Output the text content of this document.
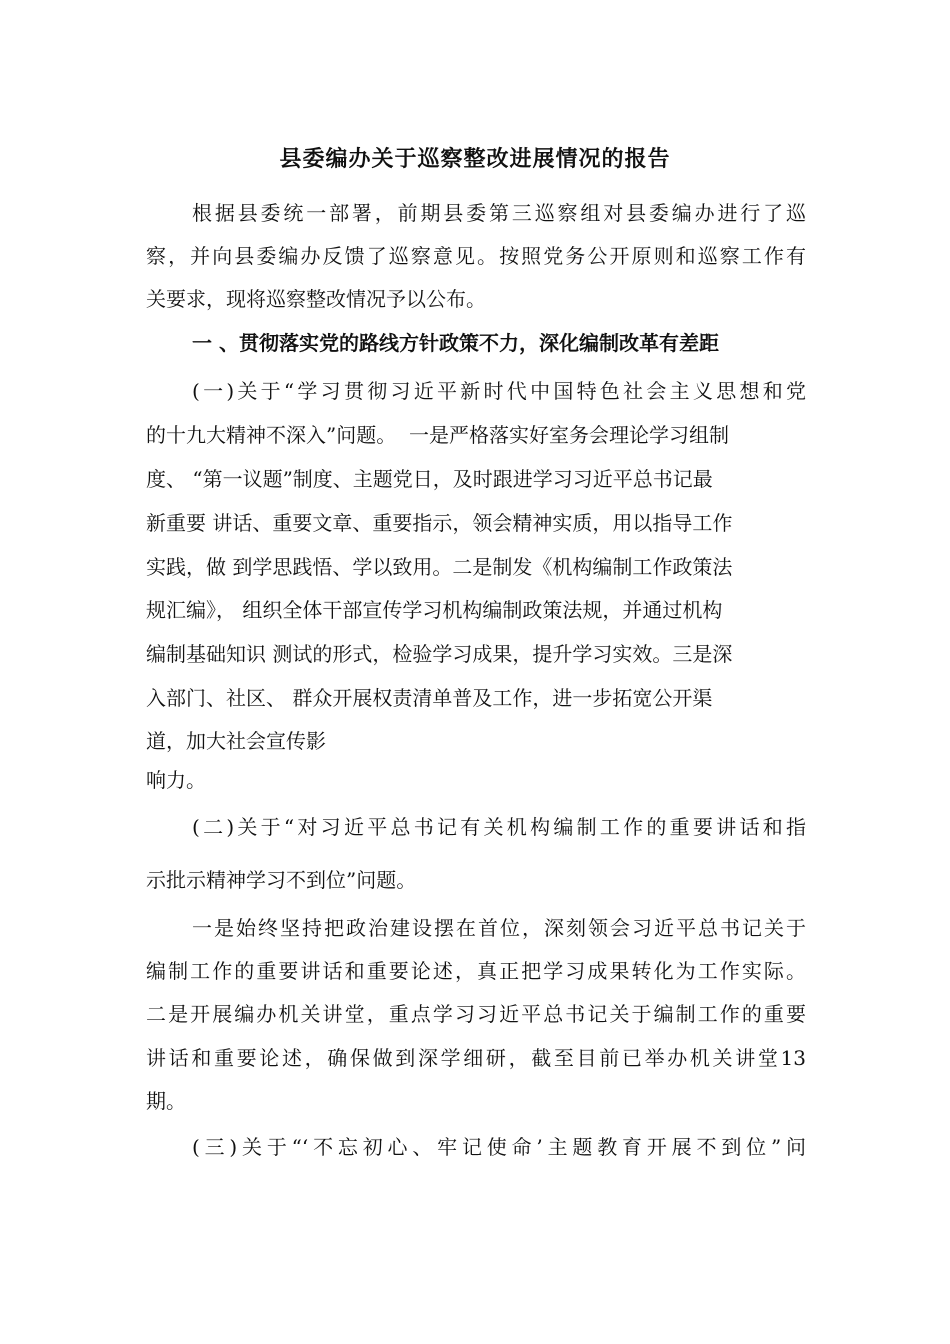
县委编办关于巡察整改进展情况的报告

根据县委统一部署，前期县委第三巡察组对县委编办进行了巡

察，并向县委编办反馈了巡察意见。按照党务公开原则和巡察工作有

关要求，现将巡察整改情况予以公布。

一 、贯彻落实党的路线方针政策不力，深化编制改革有差距

(一)关于“学习贯彻习近平新时代中国特色社会主义思想和党

的十九大精神不深入”问题。  一是严格落实好室务会理论学习组制

度、 “第一议题”制度、主题党日，及时跟进学习习近平总书记最

新重要 讲话、重要文章、重要指示，领会精神实质，用以指导工作

实践，做 到学思践悟、学以致用。二是制发《机构编制工作政策法

规汇编》， 组织全体干部宣传学习机构编制政策法规，并通过机构

编制基础知识 测试的形式，检验学习成果，提升学习实效。三是深

入部门、社区、 群众开展权责清单普及工作，进一步拓宽公开渠

道，加大社会宣传影

响力。

(二)关于“对习近平总书记有关机构编制工作的重要讲话和指

示批示精神学习不到位”问题。

一是始终坚持把政治建设摆在首位，深刻领会习近平总书记关于

编制工作的重要讲话和重要论述，真正把学习成果转化为工作实际。

二是开展编办机关讲堂，重点学习习近平总书记关于编制工作的重要

讲话和重要论述，确保做到深学细研，截至目前已举办机关讲堂13

期。

(三)关于“‘不忘初心、牢记使命’主题教育开展不到位”问
